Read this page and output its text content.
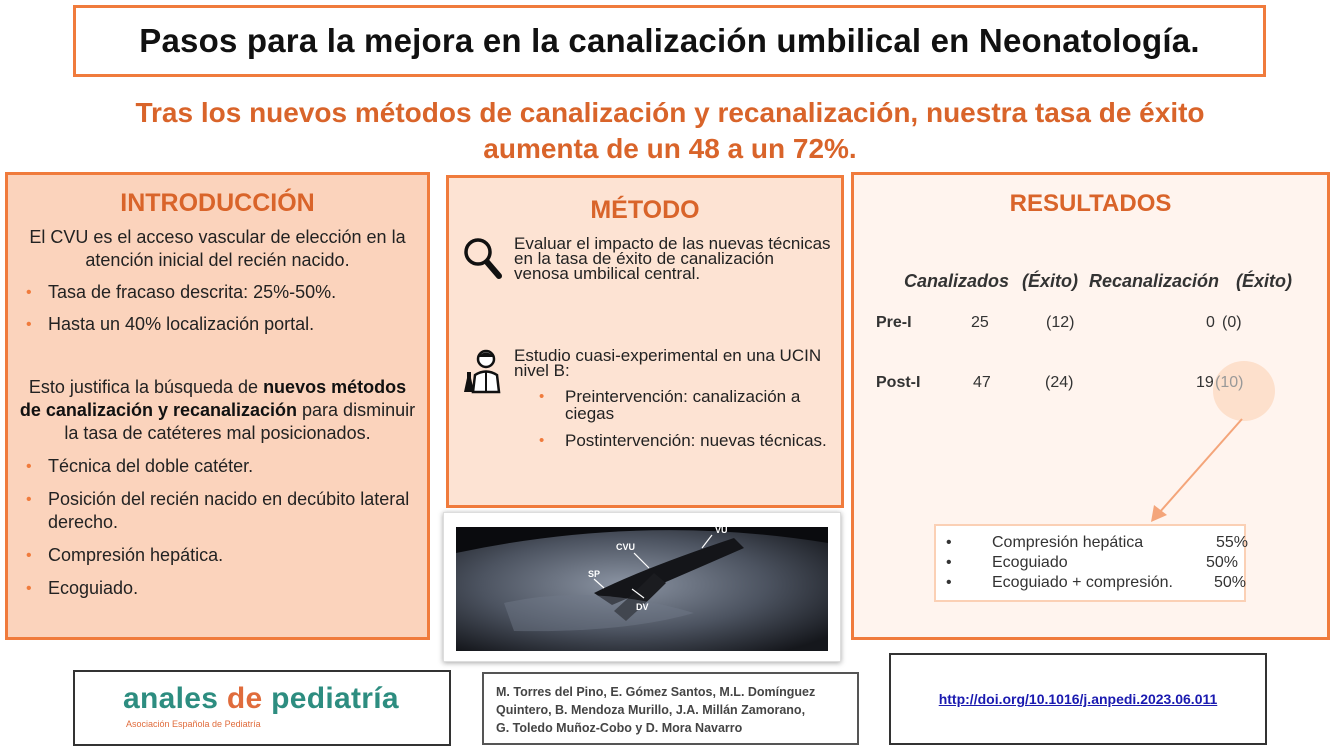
Pasos para la mejora en la canalización umbilical en Neonatología.
Tras los nuevos métodos de canalización y recanalización, nuestra tasa de éxito
aumenta de un 48 a un 72%.
INTRODUCCIÓN

El CVU es el acceso vascular de elección en la atención inicial del recién nacido.

• Tasa de fracaso descrita: 25%-50%.
• Hasta un 40% localización portal.

Esto justifica la búsqueda de nuevos métodos de canalización y recanalización para disminuir la tasa de catéteres mal posicionados.

• Técnica del doble catéter.
• Posición del recién nacido en decúbito lateral derecho.
• Compresión hepática.
• Ecoguiado.
MÉTODO
Evaluar el impacto de las nuevas técnicas en la tasa de éxito de canalización venosa umbilical central.
Estudio cuasi-experimental en una UCIN nivel B:
• Preintervención: canalización a ciegas
• Postintervención: nuevas técnicas.
CVU
VU
SP
DV
RESULTADOS
Canalizados (Éxito) Recanalización (Éxito)
Pre-I	25	(12)	0 (0)
Post-I	47	(24)	19 (10)
•	Compresión hepática	55%
•	Ecoguiado	50%
•	Ecoguiado + compresión.	50%
anales de pediatría
Asociación Española de Pediatría
M. Torres del Pino, E. Gómez Santos, M.L. Domínguez
Quintero, B. Mendoza Murillo, J.A. Millán Zamorano,
G. Toledo Muñoz-Cobo y D. Mora Navarro
http://doi.org/10.1016/j.anpedi.2023.06.011
